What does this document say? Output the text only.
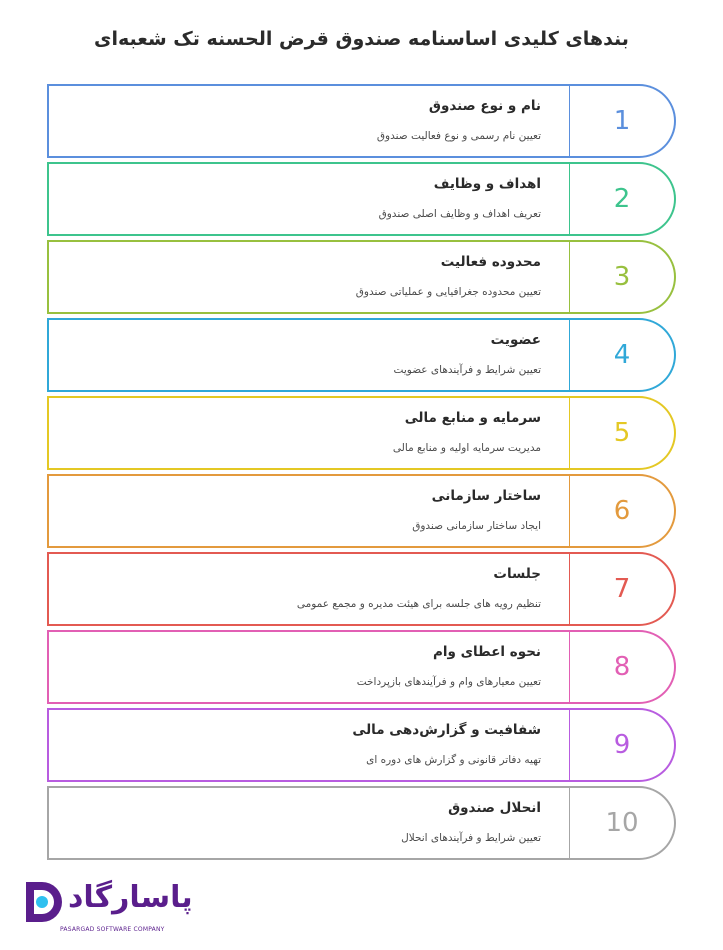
بندهای کلیدی اساسنامه صندوق قرض الحسنه تک شعبه‌ای
نام و نوع صندوق
تعیین نام رسمی و نوع فعالیت صندوق	1
اهداف و وظایف
تعریف اهداف و وظایف اصلی صندوق	2
محدوده فعالیت
تعیین محدوده جغرافیایی و عملیاتی صندوق	3
عضویت
تعیین شرایط و فرآیندهای عضویت	4
سرمایه و منابع مالی
مدیریت سرمایه اولیه و منابع مالی	5
ساختار سازمانی
ایجاد ساختار سازمانی صندوق	6
جلسات
تنظیم رویه های جلسه برای هیئت مدیره و مجمع عمومی	7
نحوه اعطای وام
تعیین معیارهای وام و فرآیندهای بازپرداخت	8
شفافیت و گزارش‌دهی مالی
تهیه دفاتر قانونی و گزارش های دوره ای	9
انحلال صندوق
تعیین شرایط و فرآیندهای انحلال	10
پاسارگاد
PASARGAD SOFTWARE COMPANY
